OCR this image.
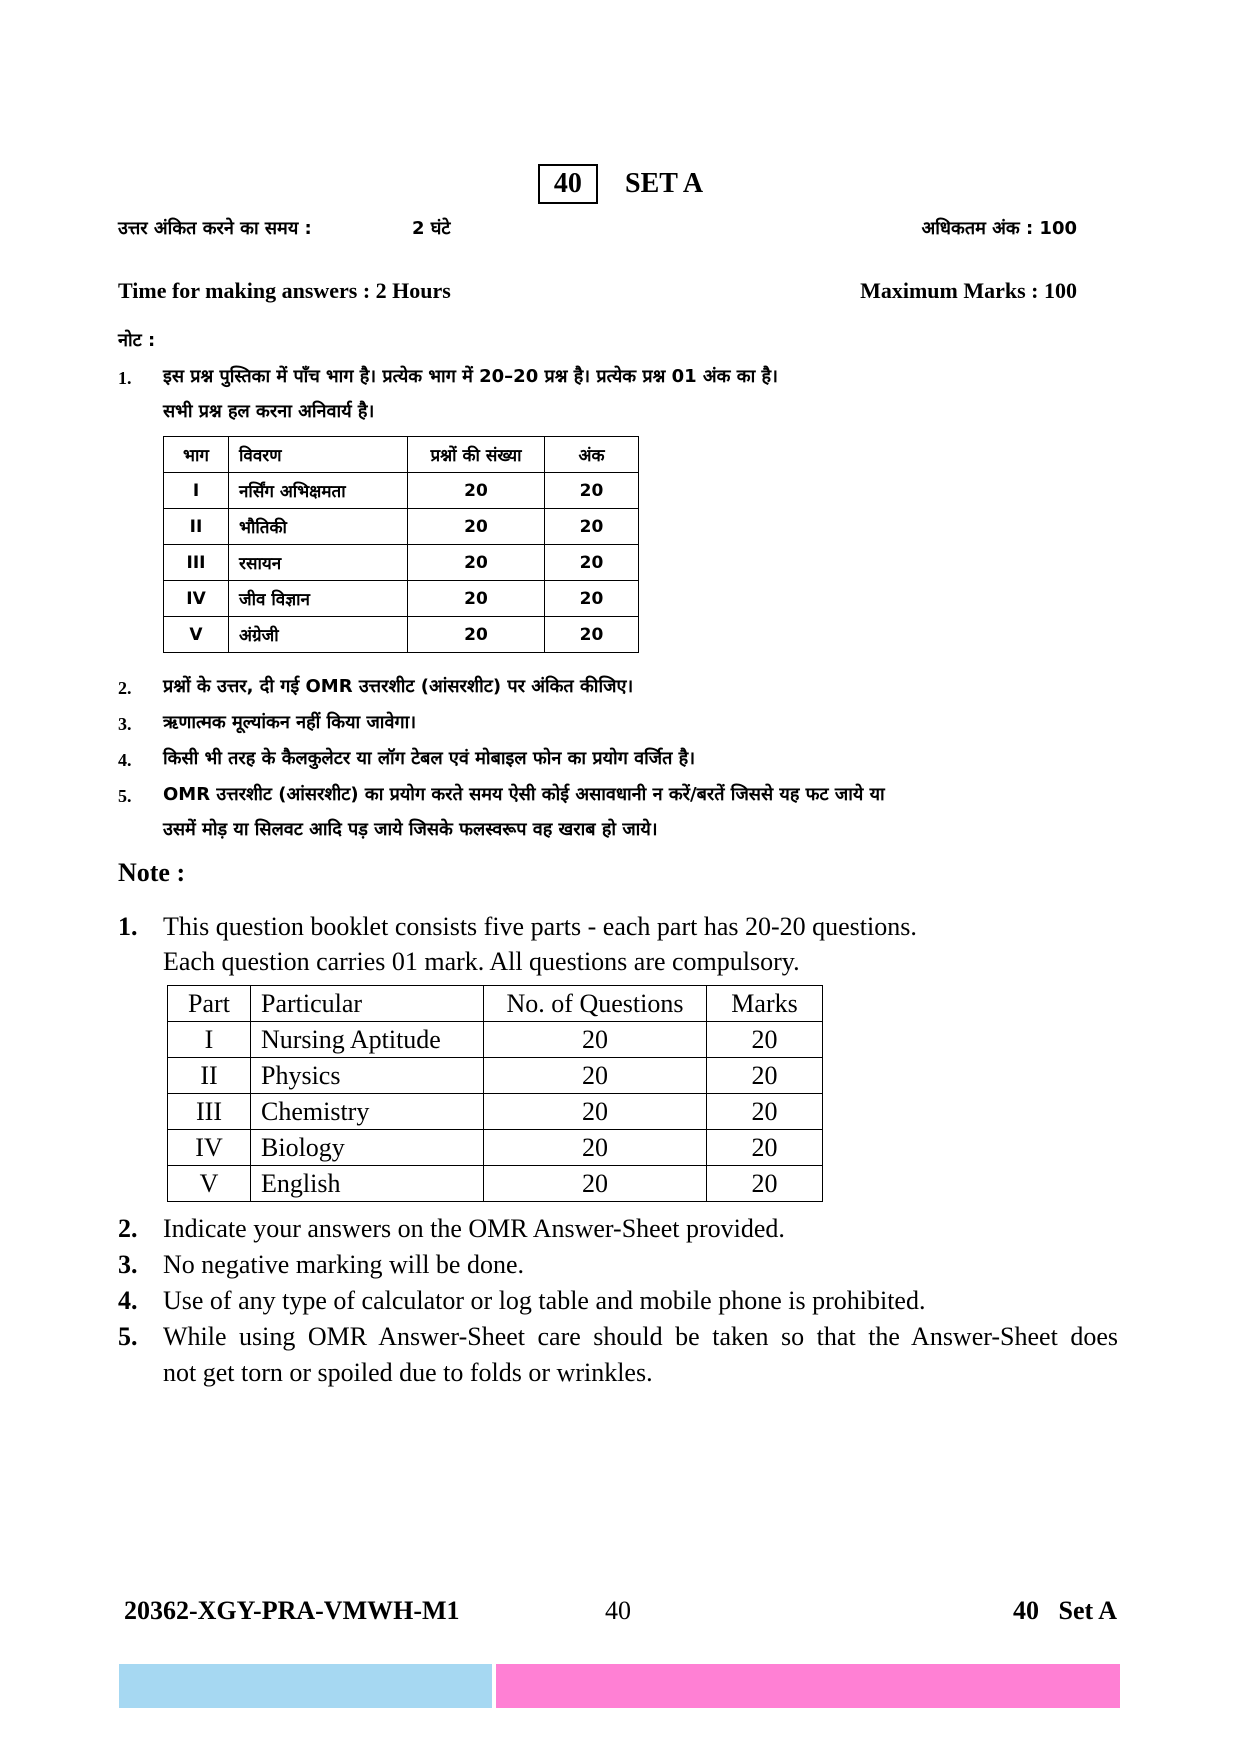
40 SET A
उत्तर अंकित करने का समय :	2 घंटे	अधिकतम अंक : 100
Time for making answers : 2 Hours	Maximum Marks : 100
नोट :
1. इस प्रश्न पुस्तिका में पाँच भाग है। प्रत्येक भाग में 20–20 प्रश्न है। प्रत्येक प्रश्न 01 अंक का है।
सभी प्रश्न हल करना अनिवार्य है।
भाग	विवरण	प्रश्नों की संख्या	अंक
I	नर्सिंग अभिक्षमता	20	20
II	भौतिकी	20	20
III	रसायन	20	20
IV	जीव विज्ञान	20	20
V	अंग्रेजी	20	20
2. प्रश्नों के उत्तर, दी गई OMR उत्तरशीट (आंसरशीट) पर अंकित कीजिए।
3. ऋणात्मक मूल्यांकन नहीं किया जावेगा।
4. किसी भी तरह के कैलकुलेटर या लॉग टेबल एवं मोबाइल फोन का प्रयोग वर्जित है।
5. OMR उत्तरशीट (आंसरशीट) का प्रयोग करते समय ऐसी कोई असावधानी न करें/बरतें जिससे यह फट जाये या
उसमें मोड़ या सिलवट आदि पड़ जाये जिसके फलस्वरूप वह खराब हो जाये।
Note :
1. This question booklet consists five parts - each part has 20-20 questions.
Each question carries 01 mark. All questions are compulsory.
Part	Particular	No. of Questions	Marks
I	Nursing Aptitude	20	20
II	Physics	20	20
III	Chemistry	20	20
IV	Biology	20	20
V	English	20	20
2. Indicate your answers on the OMR Answer-Sheet provided.
3. No negative marking will be done.
4. Use of any type of calculator or log table and mobile phone is prohibited.
5. While using OMR Answer-Sheet care should be taken so that the Answer-Sheet does
not get torn or spoiled due to folds or wrinkles.
20362-XGY-PRA-VMWH-M1	40	40   Set A
